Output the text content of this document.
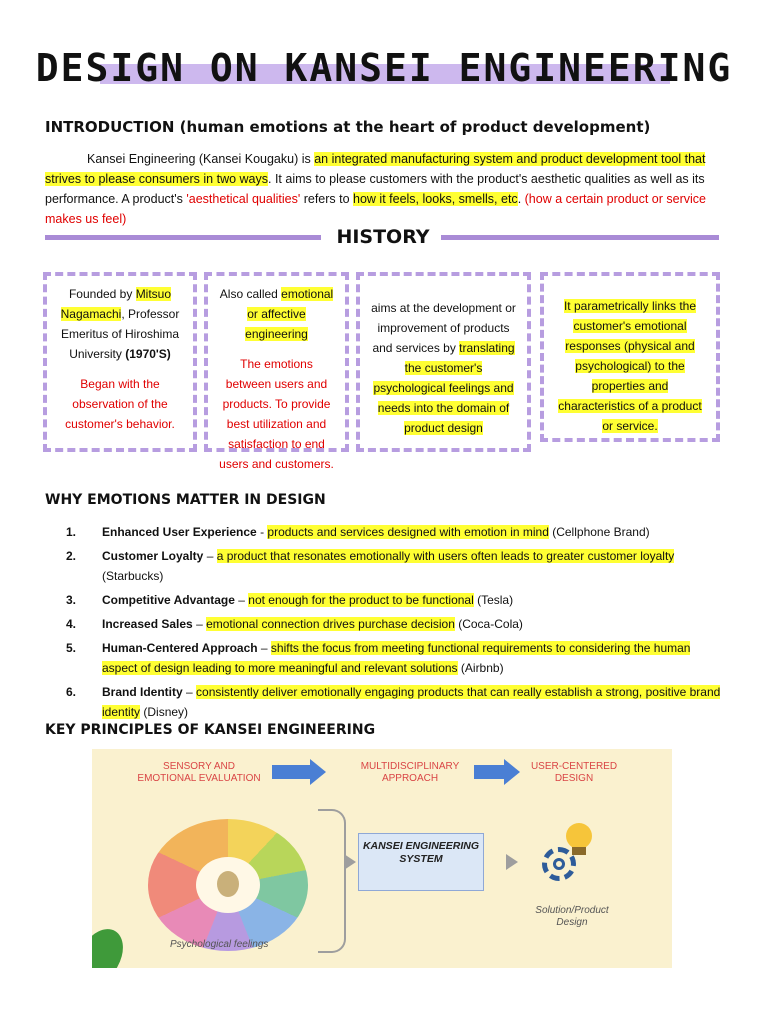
DESIGN ON KANSEI ENGINEERING
INTRODUCTION (human emotions at the heart of product development)
Kansei Engineering (Kansei Kougaku) is an integrated manufacturing system and product development tool that strives to please consumers in two ways. It aims to please customers with the product's aesthetic qualities as well as its performance. A product's 'aesthetical qualities' refers to how it feels, looks, smells, etc. (how a certain product or service makes us feel)
HISTORY

Founded by Mitsuo Nagamachi, Professor Emeritus of Hiroshima University (1970'S)

Began with the observation of the customer's behavior.

Also called emotional or affective engineering

The emotions between users and products. To provide best utilization and satisfaction to end users and customers.

aims at the development or improvement of products and services by translating the customer's psychological feelings and needs into the domain of product design

It parametrically links the customer's emotional responses (physical and psychological) to the properties and characteristics of a product or service.

WHY EMOTIONS MATTER IN DESIGN
1. Enhanced User Experience - products and services designed with emotion in mind (Cellphone Brand)
2. Customer Loyalty – a product that resonates emotionally with users often leads to greater customer loyalty (Starbucks)
3. Competitive Advantage – not enough for the product to be functional (Tesla)
4. Increased Sales – emotional connection drives purchase decision (Coca-Cola)
5. Human-Centered Approach – shifts the focus from meeting functional requirements to considering the human aspect of design leading to more meaningful and relevant solutions (Airbnb)
6. Brand Identity – consistently deliver emotionally engaging products that can really establish a strong, positive brand identity (Disney)
KEY PRINCIPLES OF KANSEI ENGINEERING
SENSORY AND EMOTIONAL EVALUATION
MULTIDISCIPLINARY APPROACH
USER-CENTERED DESIGN
KANSEI ENGINEERING SYSTEM
Psychological feelings
Solution/Product Design
